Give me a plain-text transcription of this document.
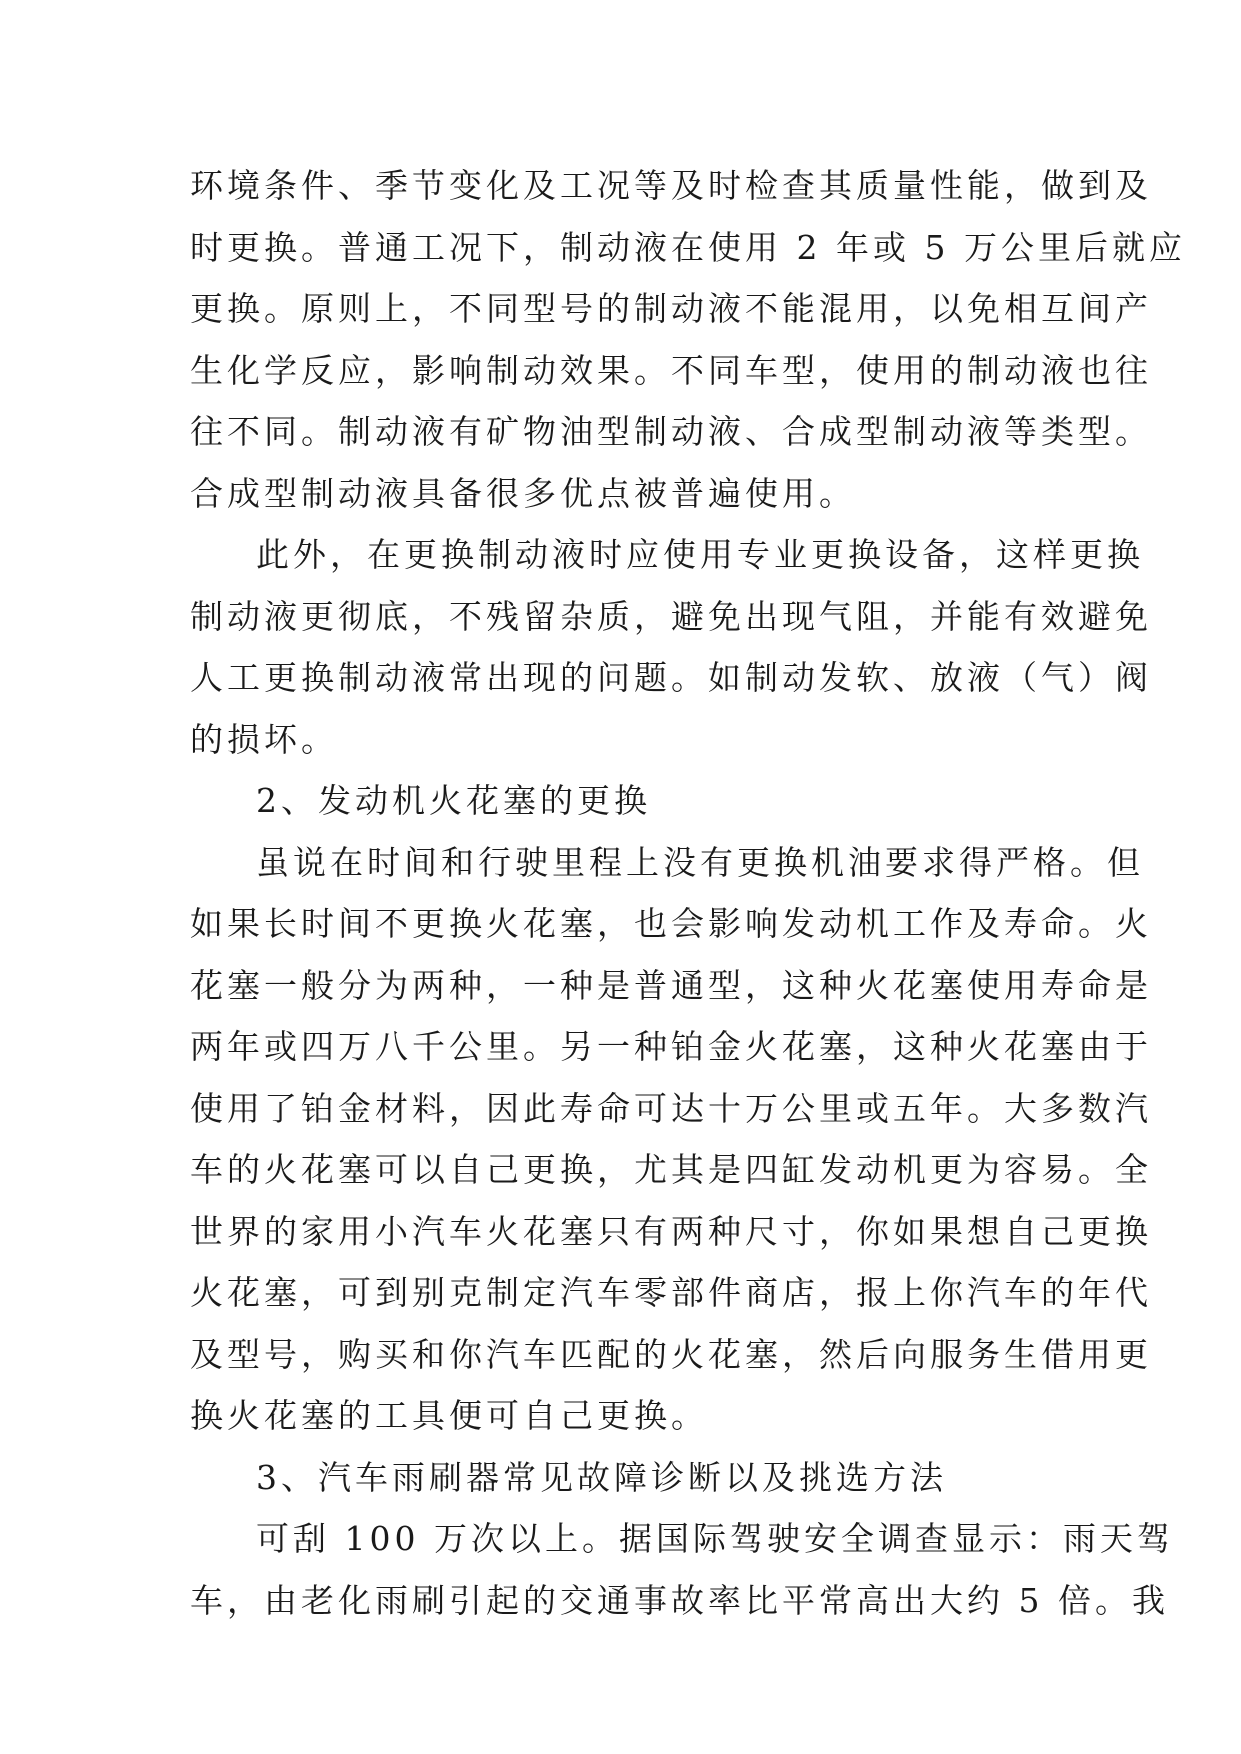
环境条件、季节变化及工况等及时检查其质量性能，做到及
时更换。普通工况下，制动液在使用 2 年或 5 万公里后就应
更换。原则上，不同型号的制动液不能混用，以免相互间产
生化学反应，影响制动效果。不同车型，使用的制动液也往
往不同。制动液有矿物油型制动液、合成型制动液等类型。
合成型制动液具备很多优点被普遍使用。
此外，在更换制动液时应使用专业更换设备，这样更换
制动液更彻底，不残留杂质，避免出现气阻，并能有效避免
人工更换制动液常出现的问题。如制动发软、放液（气）阀
的损坏。
2、发动机火花塞的更换
虽说在时间和行驶里程上没有更换机油要求得严格。但
如果长时间不更换火花塞，也会影响发动机工作及寿命。火
花塞一般分为两种，一种是普通型，这种火花塞使用寿命是
两年或四万八千公里。另一种铂金火花塞，这种火花塞由于
使用了铂金材料，因此寿命可达十万公里或五年。大多数汽
车的火花塞可以自己更换，尤其是四缸发动机更为容易。全
世界的家用小汽车火花塞只有两种尺寸，你如果想自己更换
火花塞，可到别克制定汽车零部件商店，报上你汽车的年代
及型号，购买和你汽车匹配的火花塞，然后向服务生借用更
换火花塞的工具便可自己更换。
3、汽车雨刷器常见故障诊断以及挑选方法
可刮 100 万次以上。据国际驾驶安全调查显示：雨天驾
车，由老化雨刷引起的交通事故率比平常高出大约 5 倍。我
